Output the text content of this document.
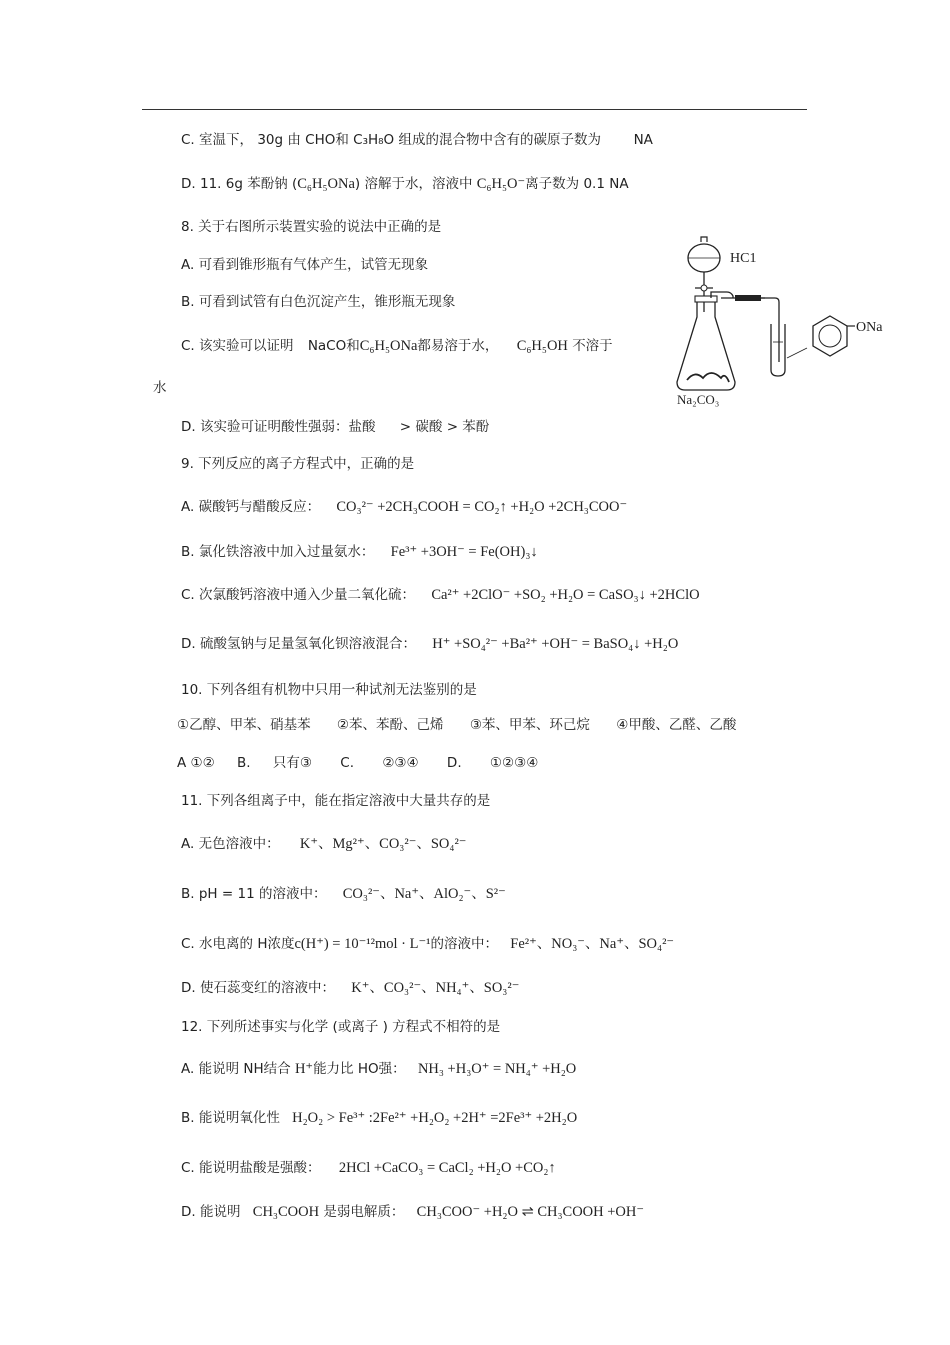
C. 室温下， 30g 由 CHO和 C₃H₈O 组成的混合物中含有的碳原子数为 NA
D. 11. 6g 苯酚钠 (C₆H₅ONa) 溶解于水，溶液中 C₆H₅O⁻离子数为 0.1 NA
8. 关于右图所示装置实验的说法中正确的是
A. 可看到锥形瓶有气体产生，试管无现象
B. 可看到试管有白色沉淀产生，锥形瓶无现象
C. 该实验可以证明 NaCO和C₆H₅ONa都易溶于水， C₆H₅OH 不溶于
水
D. 该实验可证明酸性强弱：盐酸 > 碳酸 > 苯酚
ONa
HC1
Na₂CO₃
9. 下列反应的离子方程式中，正确的是
A. 碳酸钙与醋酸反应： CO₃²⁻ +2CH₃COOH = CO₂↑ +H₂O +2CH₃COO⁻
B. 氯化铁溶液中加入过量氨水： Fe³⁺ +3OH⁻ = Fe(OH)₃↓
C. 次氯酸钙溶液中通入少量二氧化硫： Ca²⁺ +2ClO⁻ +SO₂ +H₂O = CaSO₃↓ +2HClO
D. 硫酸氢钠与足量氢氧化钡溶液混合： H⁺ +SO₄²⁻ +Ba²⁺ +OH⁻ = BaSO₄↓ +H₂O
10. 下列各组有机物中只用一种试剂无法鉴别的是
①乙醇、甲苯、硝基苯 ②苯、苯酚、己烯 ③苯、甲苯、环己烷 ④甲酸、乙醛、乙酸
A ①② B. 只有③ C. ②③④ D. ①②③④
11. 下列各组离子中，能在指定溶液中大量共存的是
A. 无色溶液中： K⁺、Mg²⁺、CO₃²⁻、SO₄²⁻
B. pH = 11 的溶液中： CO₃²⁻、Na⁺、AlO₂⁻、S²⁻
C. 水电离的 H浓度c(H⁺) = 10⁻¹²mol · L⁻¹的溶液中： Fe²⁺、NO₃⁻、Na⁺、SO₄²⁻
D. 使石蕊变红的溶液中： K⁺、CO₃²⁻、NH₄⁺、SO₃²⁻
12. 下列所述事实与化学 (或离子 ) 方程式不相符的是
A. 能说明 NH结合 H⁺能力比 HO强： NH₃ +H₃O⁺ = NH₄⁺ +H₂O
B. 能说明氧化性 H₂O₂ > Fe³⁺ :2Fe²⁺ +H₂O₂ +2H⁺ =2Fe³⁺ +2H₂O
C. 能说明盐酸是强酸： 2HCl +CaCO₃ = CaCl₂ +H₂O +CO₂↑
D. 能说明 CH₃COOH 是弱电解质： CH₃COO⁻ +H₂O ⇌ CH₃COOH +OH⁻
